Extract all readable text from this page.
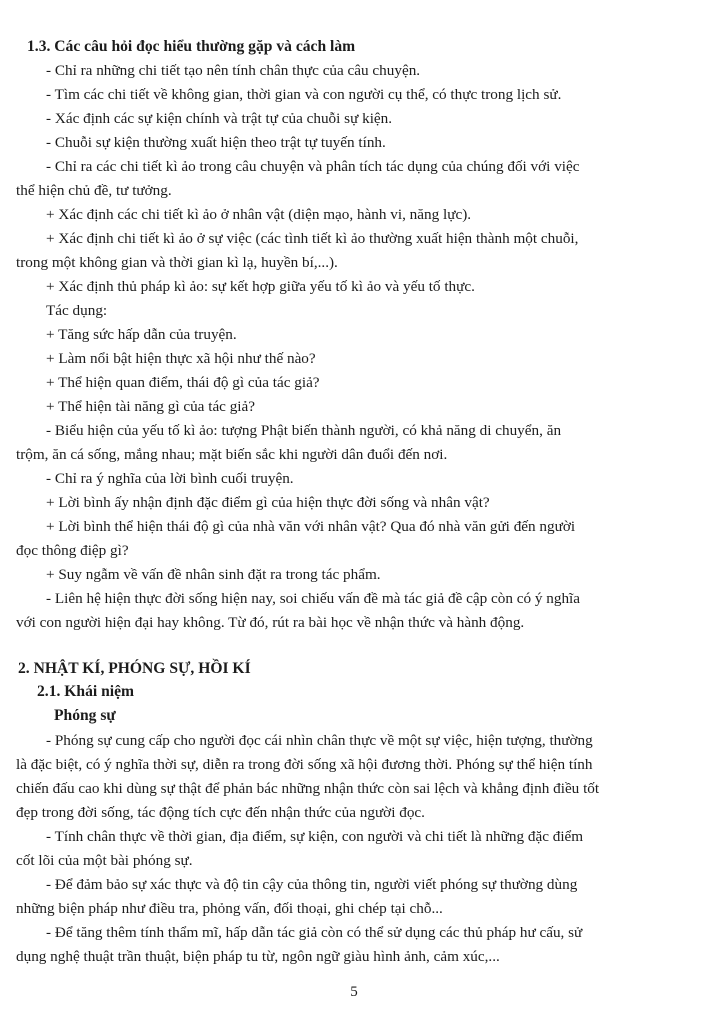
1.3. Các câu hỏi đọc hiểu thường gặp và cách làm
- Chỉ ra những chi tiết tạo nên tính chân thực của câu chuyện.
- Tìm các chi tiết về không gian, thời gian và con người cụ thể, có thực trong lịch sử.
- Xác định các sự kiện chính và trật tự của chuỗi sự kiện.
- Chuỗi sự kiện thường xuất hiện theo trật tự tuyến tính.
- Chỉ ra các chi tiết kì ảo trong câu chuyện và phân tích tác dụng của chúng đối với việc
thể hiện chủ đề, tư tưởng.
+ Xác định các chi tiết kì ảo ở nhân vật (diện mạo, hành vi, năng lực).
+ Xác định chi tiết kì ảo ở sự việc (các tình tiết kì ảo thường xuất hiện thành một chuỗi,
trong một không gian và thời gian kì lạ, huyền bí,...).
+ Xác định thủ pháp kì ảo: sự kết hợp giữa yếu tố kì ảo và yếu tố thực.
Tác dụng:
+ Tăng sức hấp dẫn của truyện.
+ Làm nổi bật hiện thực xã hội như thế nào?
+ Thể hiện quan điểm, thái độ gì của tác giả?
+ Thể hiện tài năng gì của tác giả?
- Biểu hiện của yếu tố kì ảo: tượng Phật biến thành người, có khả năng di chuyển, ăn
trộm, ăn cá sống, mắng nhau; mặt biến sắc khi người dân đuổi đến nơi.
- Chỉ ra ý nghĩa của lời bình cuối truyện.
+ Lời bình ấy nhận định đặc điểm gì của hiện thực đời sống và nhân vật?
+ Lời bình thể hiện thái độ gì của nhà văn với nhân vật? Qua đó nhà văn gửi đến người
đọc thông điệp gì?
+ Suy ngẫm về vấn đề nhân sinh đặt ra trong tác phẩm.
- Liên hệ hiện thực đời sống hiện nay, soi chiếu vấn đề mà tác giả đề cập còn có ý nghĩa
với con người hiện đại hay không. Từ đó, rút ra bài học về nhận thức và hành động.
2. NHẬT KÍ, PHÓNG SỰ, HỒI KÍ
2.1. Khái niệm
Phóng sự
- Phóng sự cung cấp cho người đọc cái nhìn chân thực về một sự việc, hiện tượng, thường
là đặc biệt, có ý nghĩa thời sự, diễn ra trong đời sống xã hội đương thời. Phóng sự thể hiện tính
chiến đấu cao khi dùng sự thật để phản bác những nhận thức còn sai lệch và khẳng định điều tốt
đẹp trong đời sống, tác động tích cực đến nhận thức của người đọc.
- Tính chân thực về thời gian, địa điểm, sự kiện, con người và chi tiết là những đặc điểm
cốt lõi của một bài phóng sự.
- Để đảm bảo sự xác thực và độ tin cậy của thông tin, người viết phóng sự thường dùng
những biện pháp như điều tra, phỏng vấn, đối thoại, ghi chép tại chỗ...
- Để tăng thêm tính thẩm mĩ, hấp dẫn tác giả còn có thể sử dụng các thủ pháp hư cấu, sử
dụng nghệ thuật trần thuật, biện pháp tu từ, ngôn ngữ giàu hình ảnh, cảm xúc,...
5
